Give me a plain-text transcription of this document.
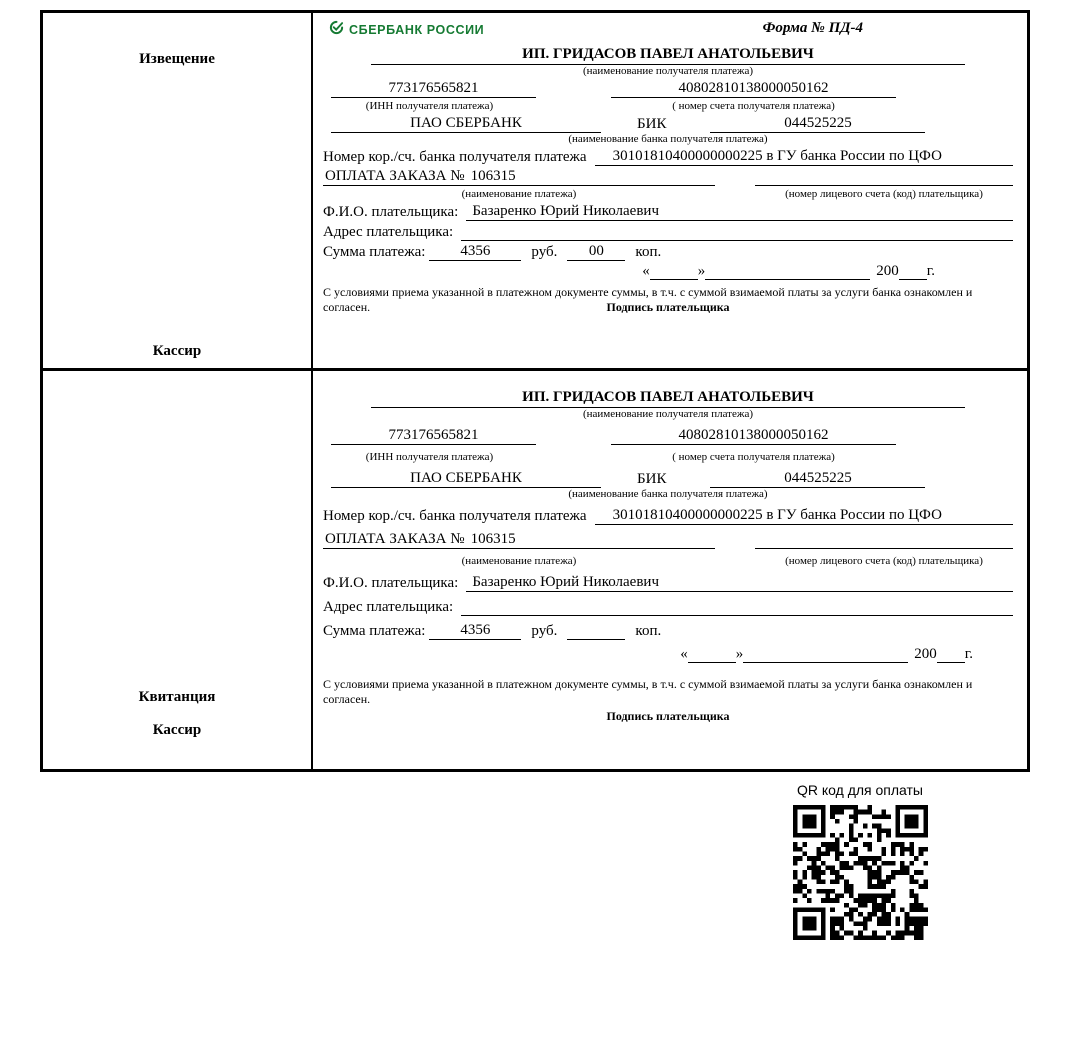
Извещение
Кассир
СБЕРБАНК РОССИИ	Форма № ПД-4
ИП. ГРИДАСОВ ПАВЕЛ АНАТОЛЬЕВИЧ
(наименование получателя платежа)
773176565821	40802810138000050162
(ИНН получателя платежа)	( номер счета получателя платежа)
ПАО СБЕРБАНК	БИК	044525225
(наименование банка получателя платежа)
Номер кор./сч. банка получателя платежа	30101810400000000225 в ГУ банка России по ЦФО
ОПЛАТА ЗАКАЗА № 106315
(наименование платежа)	(номер лицевого счета (код) плательщика)
Ф.И.О. плательщика: Базаренко Юрий Николаевич
Адрес плательщика:
Сумма платежа:	4356	руб.	00	коп.
«	»	200 г.
С условиями приема указанной в платежном документе суммы, в т.ч. с суммой взимаемой платы за услуги банка ознакомлен и согласен.	Подпись плательщика
Квитанция
Кассир
ИП. ГРИДАСОВ ПАВЕЛ АНАТОЛЬЕВИЧ
(наименование получателя платежа)
773176565821	40802810138000050162
(ИНН получателя платежа)	( номер счета получателя платежа)
ПАО СБЕРБАНК	БИК	044525225
(наименование банка получателя платежа)
Номер кор./сч. банка получателя платежа	30101810400000000225 в ГУ банка России по ЦФО
ОПЛАТА ЗАКАЗА № 106315
(наименование платежа)	(номер лицевого счета (код) плательщика)
Ф.И.О. плательщика: Базаренко Юрий Николаевич
Адрес плательщика:
Сумма платежа:	4356	руб.	коп.
«	»	200 г.
С условиями приема указанной в платежном документе суммы, в т.ч. с суммой взимаемой платы за услуги банка ознакомлен и согласен.
Подпись плательщика
QR код для оплаты
